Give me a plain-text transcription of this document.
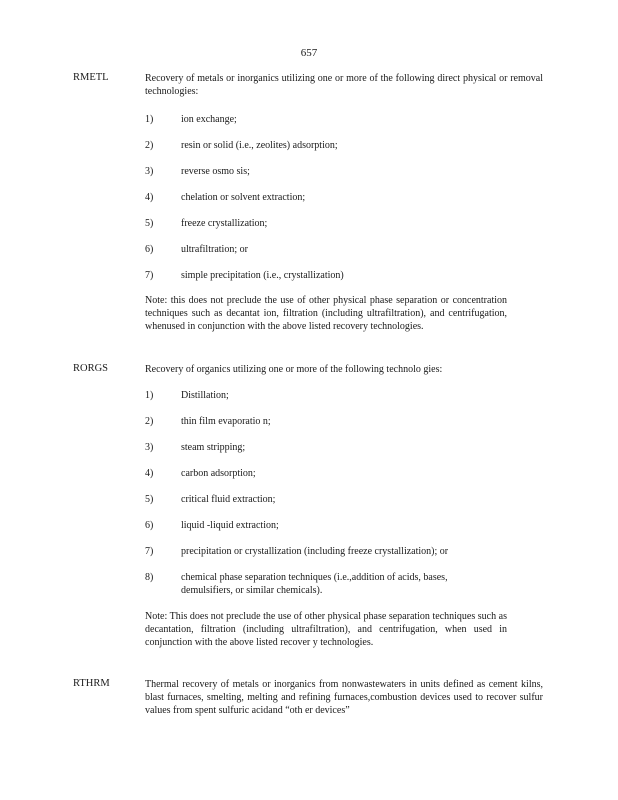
657
RMETL	Recovery of metals or inorganics utilizing one or more of the following direct physical or removal technologies:
1)	ion exchange;
2)	resin or solid (i.e., zeolites) adsorption;
3)	reverse osmo sis;
4)	chelation or solvent extraction;
5)	freeze crystallization;
6)	ultrafiltration; or
7)	simple precipitation (i.e., crystallization)
Note: this does not preclude the use of other physical phase separation or concentration techniques such as decantat ion, filtration (including ultrafiltration), and centrifugation, whenused in conjunction with the above listed recovery technologies.
RORGS	Recovery of organics utilizing one or more of the following technolo gies:
1)	Distillation;
2)	thin film evaporatio n;
3)	steam stripping;
4)	carbon adsorption;
5)	critical fluid extraction;
6)	liquid -liquid extraction;
7)	precipitation or crystallization (including freeze crystallization); or
8)	chemical phase separation techniques (i.e.,addition of acids, bases, demulsifiers, or similar chemicals).
Note: This does not preclude the use of other physical phase separation techniques such as decantation, filtration (including ultrafiltration), and centrifugation, when used in conjunction with the above listed recover y technologies.
RTHRM	Thermal recovery of metals or inorganics from nonwastewaters in units defined as cement kilns, blast furnaces, smelting, melting and refining furnaces,combustion devices used to recover sulfur values from spent sulfuric acidand “oth er devices”
